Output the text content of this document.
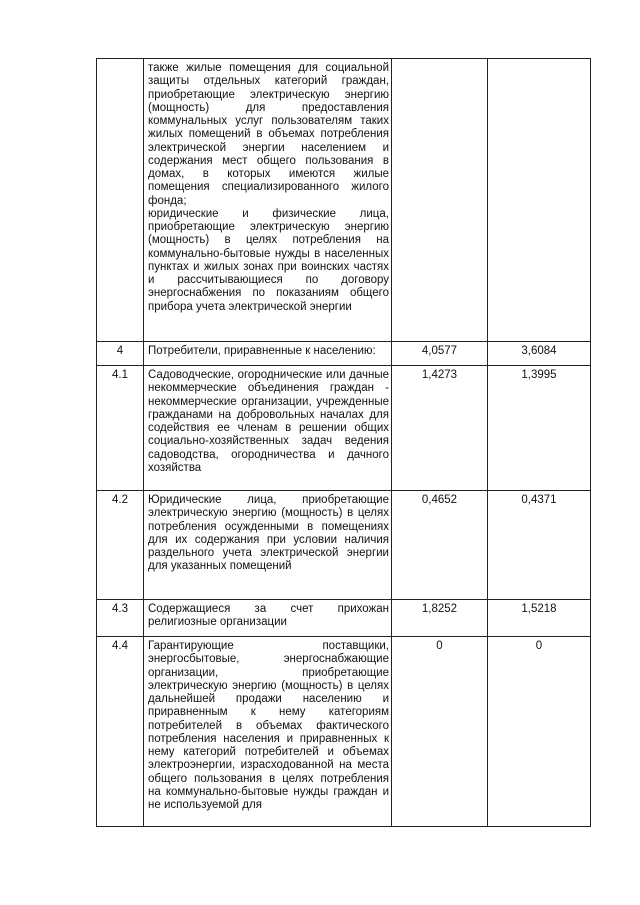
	также жилые помещения для социальной защиты отдельных категорий граждан, приобретающие электрическую энергию (мощность) для предоставления коммунальных услуг пользователям таких жилых помещений в объемах потребления электрической энергии населением и содержания мест общего пользования в домах, в которых имеются жилые помещения специализированного жилого фонда;

юридические и физические лица, приобретающие электрическую энергию (мощность) в целях потребления на коммунально-бытовые нужды в населенных пунктах и жилых зонах при воинских частях и рассчитывающиеся по договору энергоснабжения по показаниям общего прибора учета электрической энергии		

4	Потребители, приравненные к населению:	4,0577	3,6084
4.1	Садоводческие, огороднические или дачные некоммерческие объединения граждан - некоммерческие организации, учрежденные гражданами на добровольных началах для содействия ее членам в решении общих социально-хозяйственных задач ведения садоводства, огородничества и дачного хозяйства	1,4273	1,3995
4.2	Юридические лица, приобретающие электрическую энергию (мощность) в целях потребления осужденными в помещениях для их содержания при условии наличия раздельного учета электрической энергии для указанных помещений	0,4652	0,4371
4.3	Содержащиеся за счет прихожан религиозные организации	1,8252	1,5218
4.4	Гарантирующие поставщики, энергосбытовые, энергоснабжающие организации, приобретающие электрическую энергию (мощность) в целях дальнейшей продажи населению и приравненным к нему категориям потребителей в объемах фактического потребления населения и приравненных к нему категорий потребителей и объемах электроэнергии, израсходованной на места общего пользования в целях потребления на коммунально-бытовые нужды граждан и не используемой для	0	0
